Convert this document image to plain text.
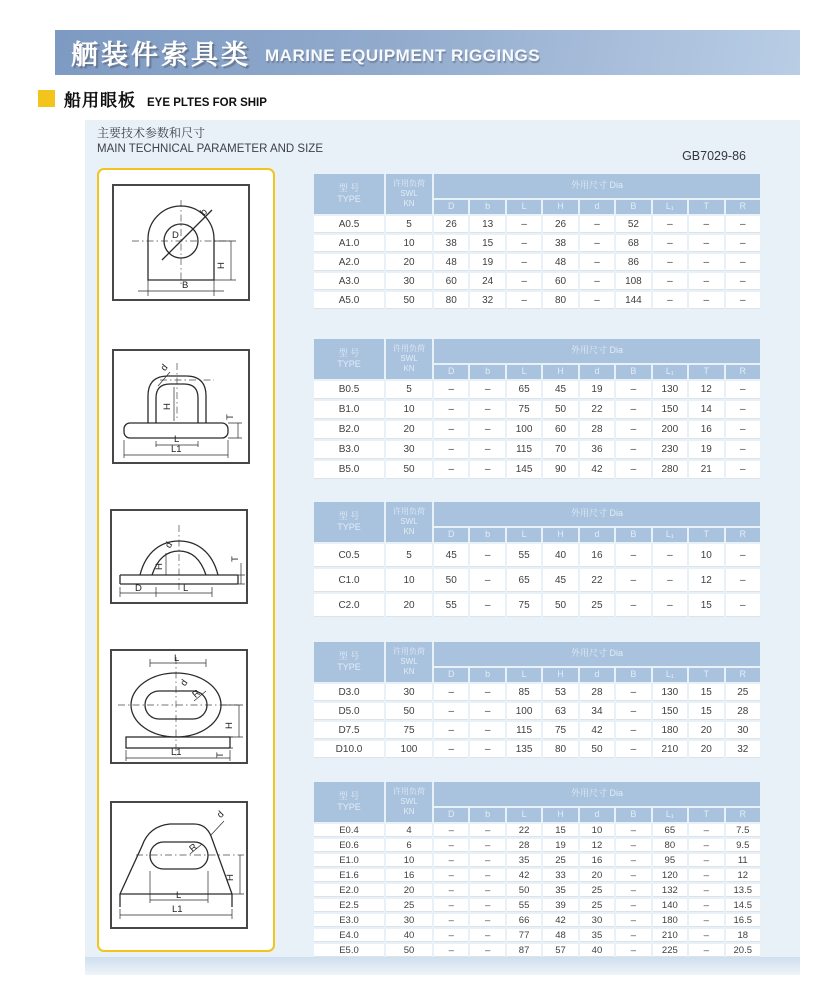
舾装件索具类 MARINE EQUIPMENT RIGGINGS
船用眼板 EYE PLTES FOR SHIP
主要技术参数和尺寸
MAIN TECHNICAL PARAMETER AND SIZE	GB7029-86
D
b
H
B
d
H
L
L1
T
d
H
D	L
T
L
d
R
H
L1	T
d
R
H
L
L1
型 号
TYPE	许用负荷
SWL
KN	外用尺寸 Dia								
		D	b	L	H	d	B	L₁	T	R
A0.5	5	26	13	–	26	–	52	–	–	–
A1.0	10	38	15	–	38	–	68	–	–	–
A2.0	20	48	19	–	48	–	86	–	–	–
A3.0	30	60	24	–	60	–	108	–	–	–
A5.0	50	80	32	–	80	–	144	–	–	–
型 号
TYPE	许用负荷
SWL
KN	外用尺寸 Dia								
		D	b	L	H	d	B	L₁	T	R
B0.5	5	–	–	65	45	19	–	130	12	–
B1.0	10	–	–	75	50	22	–	150	14	–
B2.0	20	–	–	100	60	28	–	200	16	–
B3.0	30	–	–	115	70	36	–	230	19	–
B5.0	50	–	–	145	90	42	–	280	21	–
型 号
TYPE	许用负荷
SWL
KN	外用尺寸 Dia								
		D	b	L	H	d	B	L₁	T	R
C0.5	5	45	–	55	40	16	–	–	10	–
C1.0	10	50	–	65	45	22	–	–	12	–
C2.0	20	55	–	75	50	25	–	–	15	–
型 号
TYPE	许用负荷
SWL
KN	外用尺寸 Dia								
		D	b	L	H	d	B	L₁	T	R
D3.0	30	–	–	85	53	28	–	130	15	25
D5.0	50	–	–	100	63	34	–	150	15	28
D7.5	75	–	–	115	75	42	–	180	20	30
D10.0	100	–	–	135	80	50	–	210	20	32
型 号
TYPE	许用负荷
SWL
KN	外用尺寸 Dia								
		D	b	L	H	d	B	L₁	T	R
E0.4	4	–	–	22	15	10	–	65	–	7.5
E0.6	6	–	–	28	19	12	–	80	–	9.5
E1.0	10	–	–	35	25	16	–	95	–	11
E1.6	16	–	–	42	33	20	–	120	–	12
E2.0	20	–	–	50	35	25	–	132	–	13.5
E2.5	25	–	–	55	39	25	–	140	–	14.5
E3.0	30	–	–	66	42	30	–	180	–	16.5
E4.0	40	–	–	77	48	35	–	210	–	18
E5.0	50	–	–	87	57	40	–	225	–	20.5
